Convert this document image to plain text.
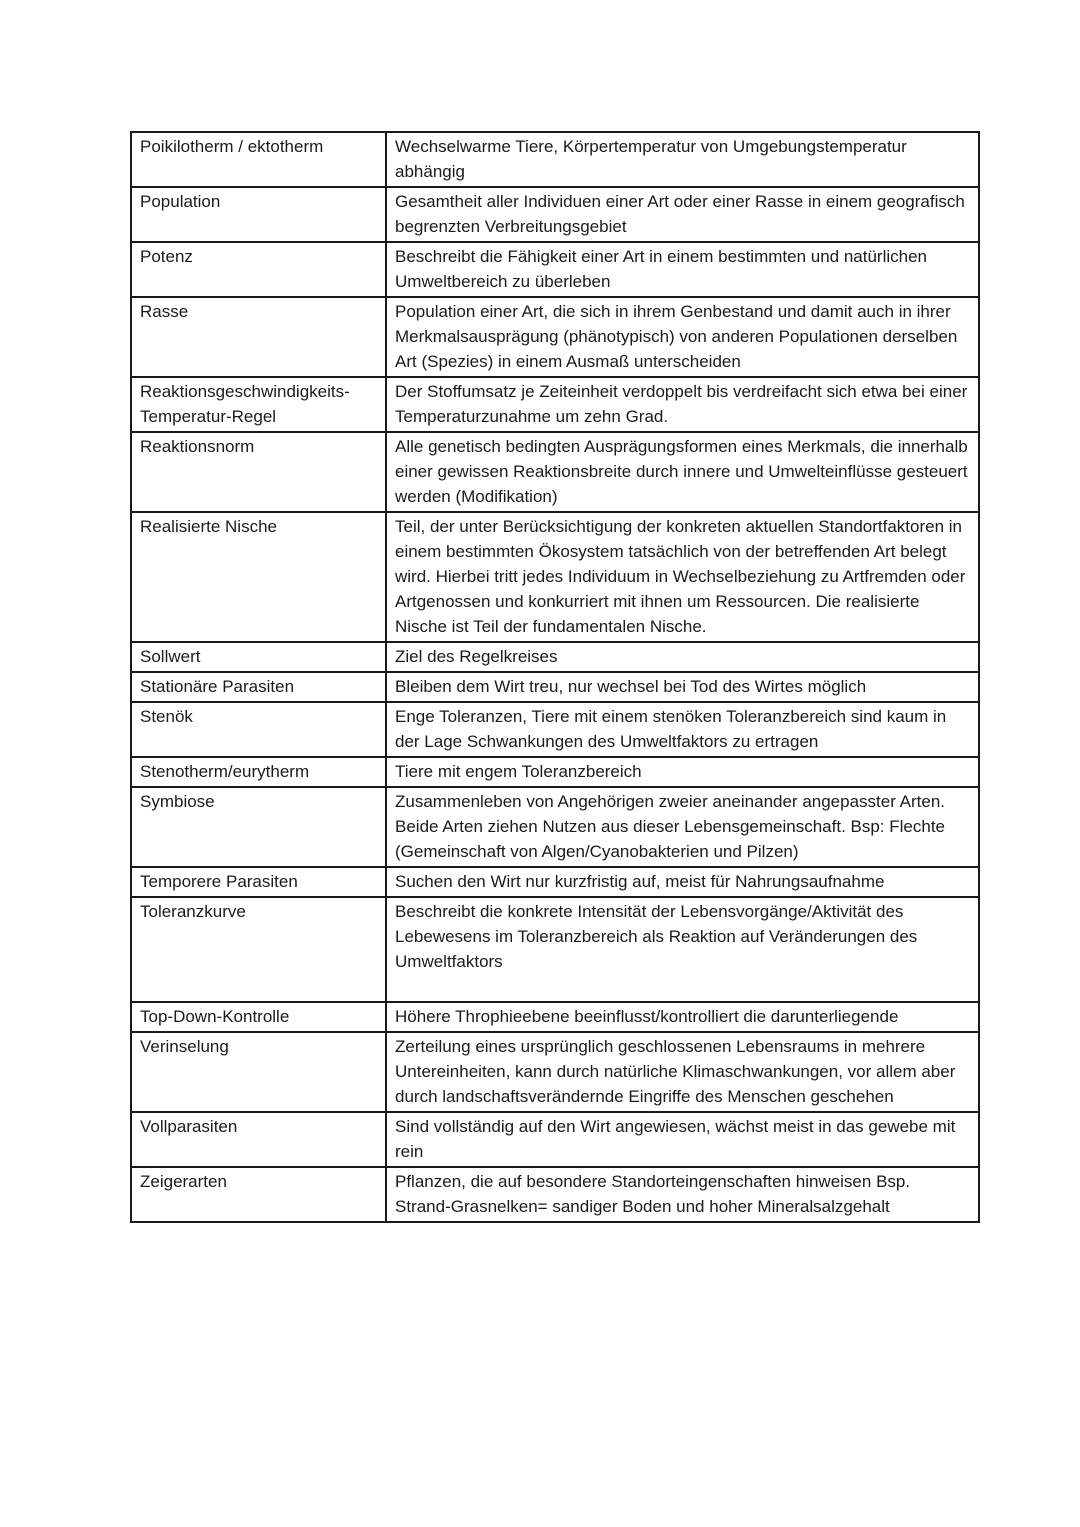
Poikilotherm / ektotherm	Wechselwarme Tiere, Körpertemperatur von Umgebungstemperatur abhängig

Population	Gesamtheit aller Individuen einer Art oder einer Rasse in einem geografisch begrenzten Verbreitungsgebiet

Potenz	Beschreibt die Fähigkeit einer Art in einem bestimmten und natürlichen Umweltbereich zu überleben

Rasse	Population einer Art, die sich in ihrem Genbestand und damit auch in ihrer Merkmalsausprägung (phänotypisch) von anderen Populationen derselben Art (Spezies) in einem Ausmaß unterscheiden

Reaktionsgeschwindigkeits-Temperatur-Regel	Der Stoffumsatz je Zeiteinheit verdoppelt bis verdreifacht sich etwa bei einer Temperaturzunahme um zehn Grad.

Reaktionsnorm	Alle genetisch bedingten Ausprägungsformen eines Merkmals, die innerhalb einer gewissen Reaktionsbreite durch innere und Umwelteinflüsse gesteuert werden (Modifikation)

Realisierte Nische	Teil, der unter Berücksichtigung der konkreten aktuellen Standortfaktoren in einem bestimmten Ökosystem tatsächlich von der betreffenden Art belegt wird. Hierbei tritt jedes Individuum in Wechselbeziehung zu Artfremden oder Artgenossen und konkurriert mit ihnen um Ressourcen. Die realisierte Nische ist Teil der fundamentalen Nische.

Sollwert	Ziel des Regelkreises

Stationäre Parasiten	Bleiben dem Wirt treu, nur wechsel bei Tod des Wirtes möglich

Stenök	Enge Toleranzen, Tiere mit einem stenöken Toleranzbereich sind kaum in der Lage Schwankungen des Umweltfaktors zu ertragen

Stenotherm/eurytherm	Tiere mit engem Toleranzbereich

Symbiose	Zusammenleben von Angehörigen zweier aneinander angepasster Arten. Beide Arten ziehen Nutzen aus dieser Lebensgemeinschaft. Bsp: Flechte (Gemeinschaft von Algen/Cyanobakterien und Pilzen)

Temporere Parasiten	Suchen den Wirt nur kurzfristig auf, meist für Nahrungsaufnahme

Toleranzkurve	Beschreibt die konkrete Intensität der Lebensvorgänge/Aktivität des Lebewesens im Toleranzbereich als Reaktion auf Veränderungen des Umweltfaktors

Top-Down-Kontrolle	Höhere Throphieebene beeinflusst/kontrolliert die darunterliegende

Verinselung	Zerteilung eines ursprünglich geschlossenen Lebensraums in mehrere Untereinheiten, kann durch natürliche Klimaschwankungen, vor allem aber durch landschaftsverändernde Eingriffe des Menschen geschehen

Vollparasiten	Sind vollständig auf den Wirt angewiesen, wächst meist in das gewebe mit rein

Zeigerarten	Pflanzen, die auf besondere Standorteingenschaften hinweisen Bsp. Strand-Grasnelken= sandiger Boden und hoher Mineralsalzgehalt
